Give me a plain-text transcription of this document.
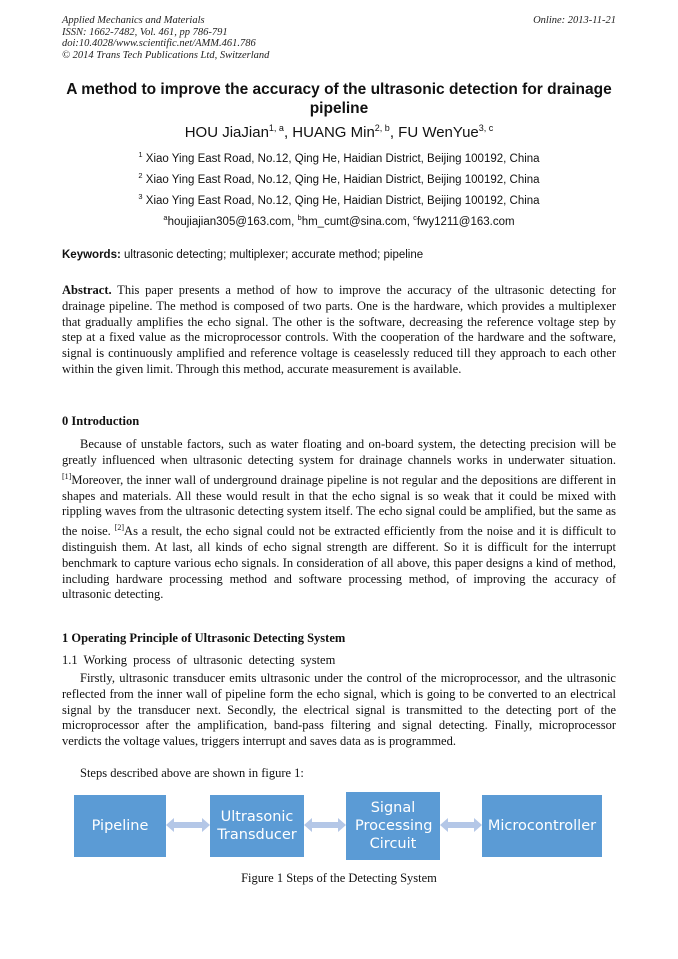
Applied Mechanics and Materials
ISSN: 1662-7482, Vol. 461, pp 786-791
doi:10.4028/www.scientific.net/AMM.461.786
© 2014 Trans Tech Publications Ltd, Switzerland
Online: 2013-11-21
A method to improve the accuracy of the ultrasonic detection for drainage pipeline
HOU JiaJian$^{1, a}$, HUANG Min$^{2, b}$, FU WenYue$^{3, c}$
$^1$ Xiao Ying East Road, No.12, Qing He, Haidian District, Beijing 100192, China
$^2$ Xiao Ying East Road, No.12, Qing He, Haidian District, Beijing 100192, China
$^3$ Xiao Ying East Road, No.12, Qing He, Haidian District, Beijing 100192, China
$^a$houjiajian305@163.com, $^b$hm_cumt@sina.com, $^c$fwy1211@163.com
Keywords: ultrasonic detecting; multiplexer; accurate method; pipeline
Abstract. This paper presents a method of how to improve the accuracy of the ultrasonic detecting for drainage pipeline. The method is composed of two parts. One is the hardware, which provides a multiplexer that gradually amplifies the echo signal. The other is the software, decreasing the reference voltage step by step at a fixed value as the microprocessor controls. With the cooperation of the hardware and the software, signal is continuously amplified and reference voltage is ceaselessly reduced till they approach to each other within the given limit. Through this method, accurate measurement is available.
0 Introduction
Because of unstable factors, such as water floating and on-board system, the detecting precision will be greatly influenced when ultrasonic detecting system for drainage channels works in underwater situation. [1]Moreover, the inner wall of underground drainage pipeline is not regular and the depositions are different in shapes and materials. All these would result in that the echo signal is so weak that it could be mixed with rippling waves from the ultrasonic detecting system itself. The echo signal could be amplified, but the same as the noise. [2]As a result, the echo signal could not be extracted efficiently from the noise and it is difficult to distinguish them. At last, all kinds of echo signal strength are different. So it is difficult for the interrupt benchmark to capture various echo signals. In consideration of all above, this paper designs a kind of method, including hardware processing method and software processing method, of improving the accuracy of ultrasonic detecting.
1 Operating Principle of Ultrasonic Detecting System
1.1 Working process of ultrasonic detecting system
Firstly, ultrasonic transducer emits ultrasonic under the control of the microprocessor, and the ultrasonic reflected from the inner wall of pipeline form the echo signal, which is going to be converted to an electrical signal by the transducer next. Secondly, the electrical signal is transmitted to the detecting port of the microprocessor after the amplification, band-pass filtering and signal detecting. Finally, microprocessor verdicts the voltage values, triggers interrupt and saves data as is programmed.
Steps described above are shown in figure 1:
Pipeline
Ultrasonic Transducer
Signal Processing Circuit
Microcontroller
Figure 1 Steps of the Detecting System
